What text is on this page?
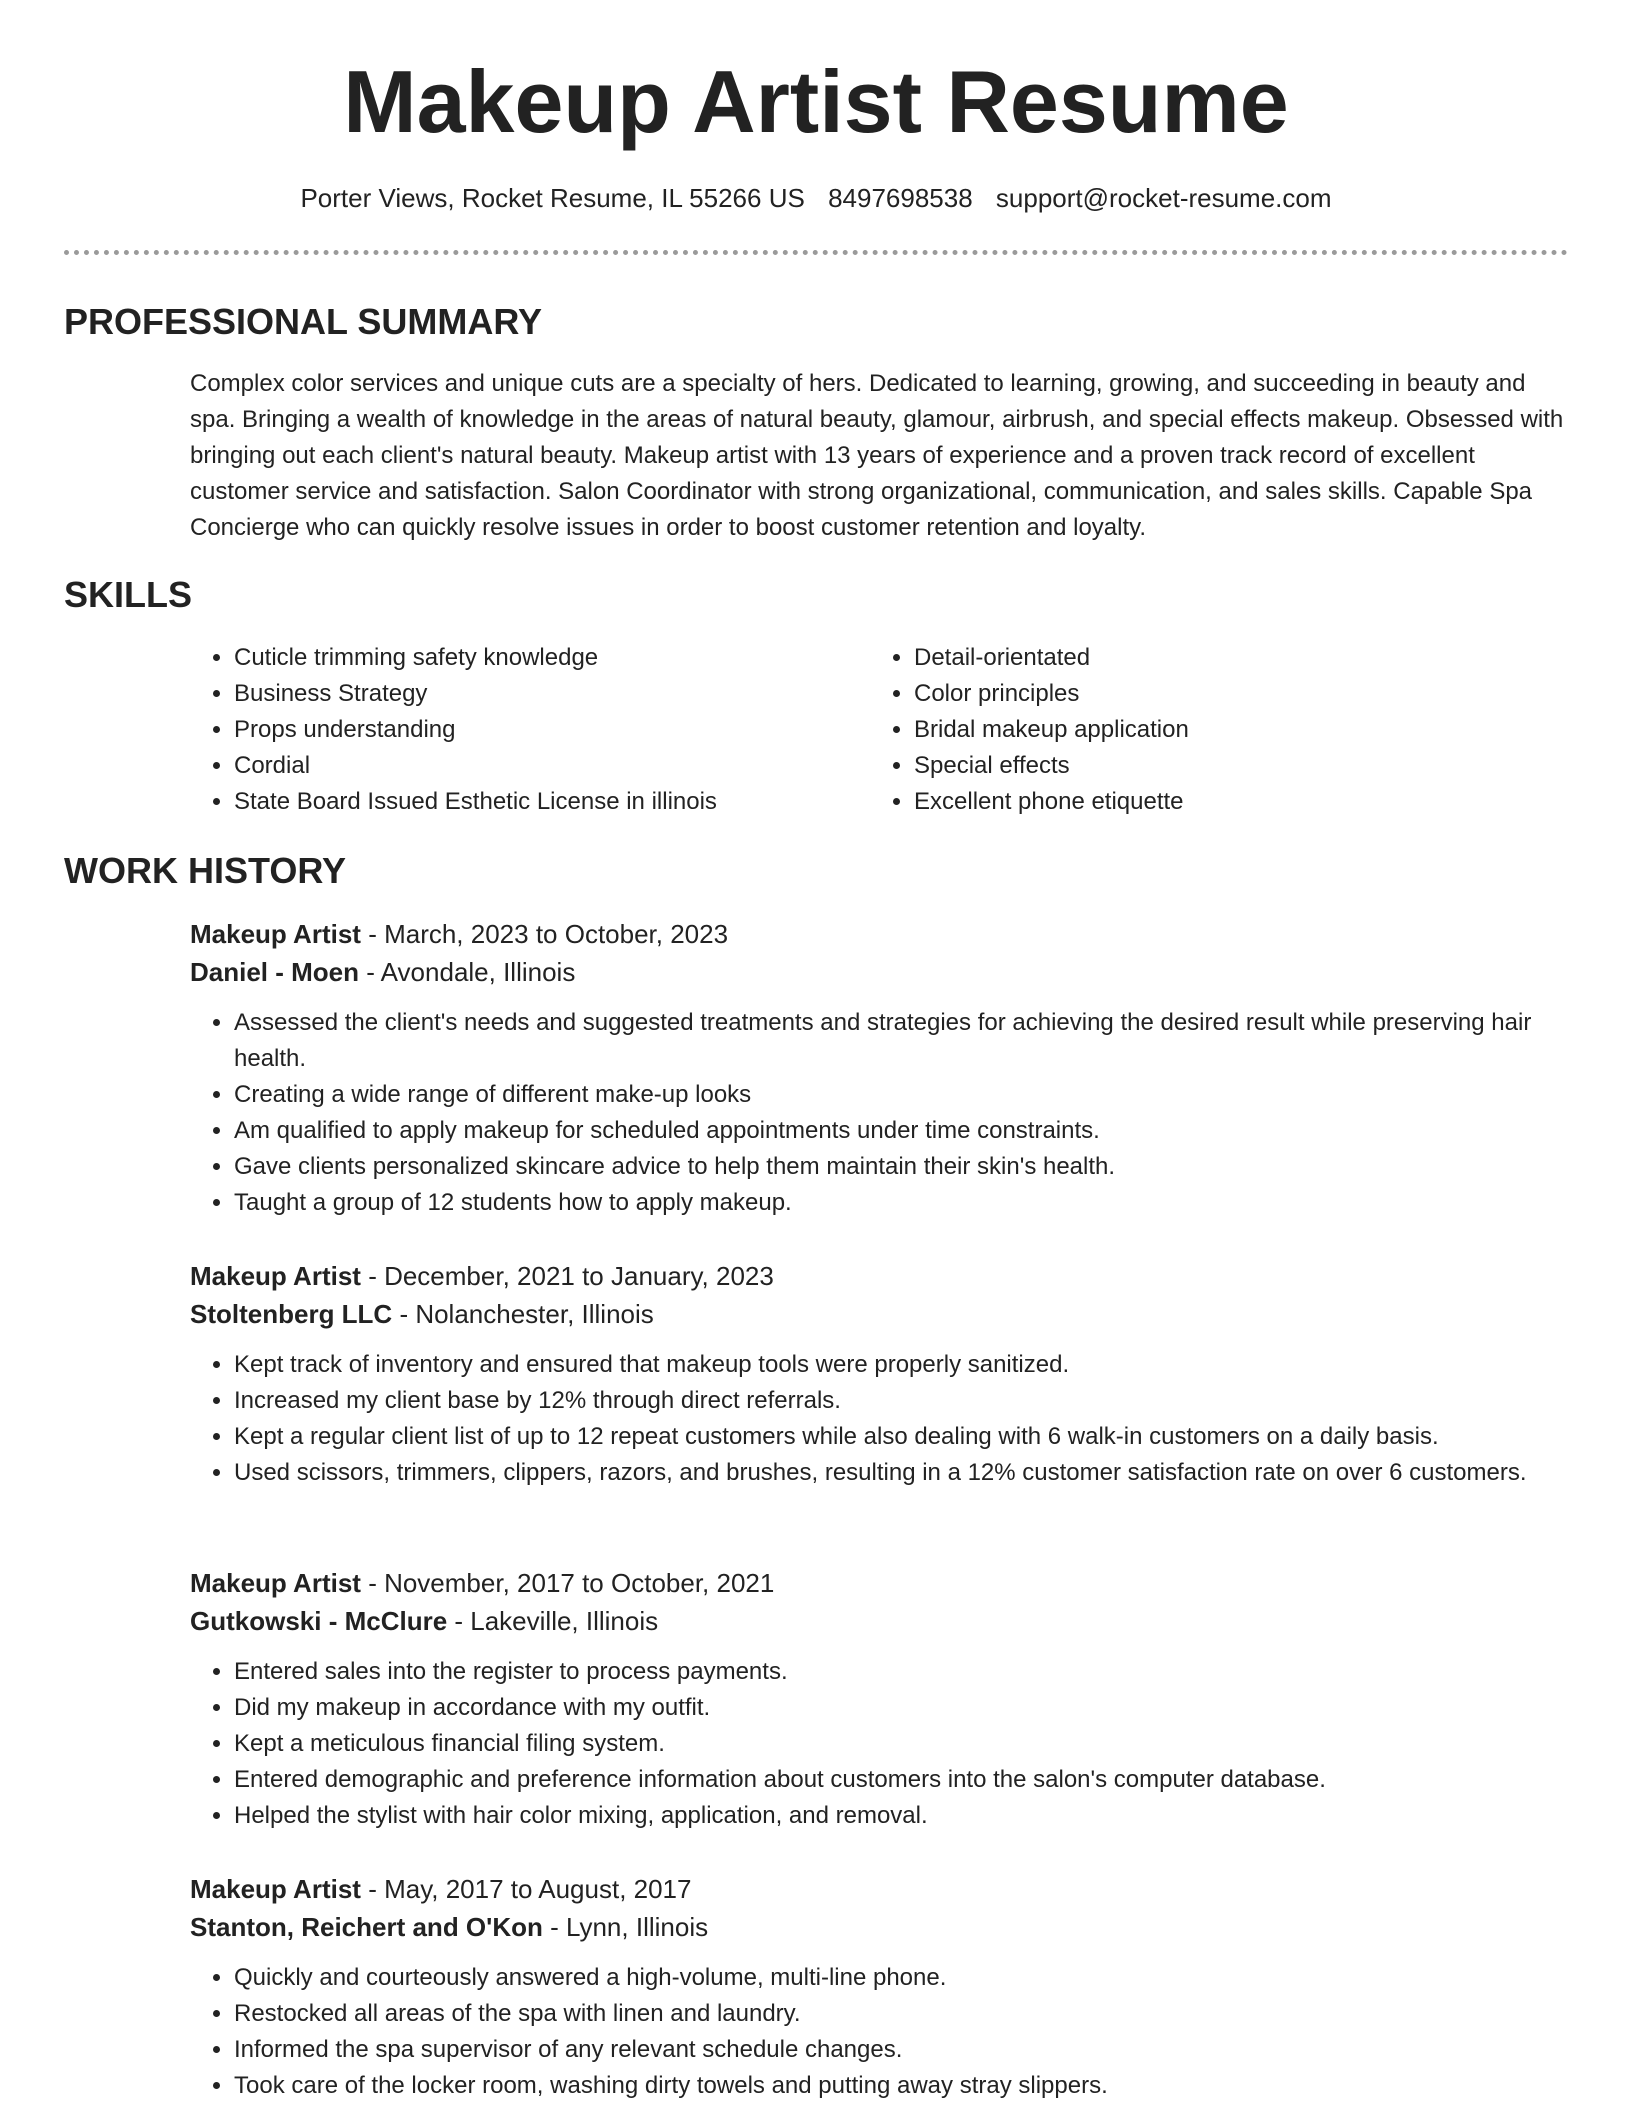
Makeup Artist Resume
Porter Views, Rocket Resume, IL 55266 US 8497698538 support@rocket-resume.com
PROFESSIONAL SUMMARY

Complex color services and unique cuts are a specialty of hers. Dedicated to learning, growing, and succeeding in beauty and spa. Bringing a wealth of knowledge in the areas of natural beauty, glamour, airbrush, and special effects makeup. Obsessed with bringing out each client's natural beauty. Makeup artist with 13 years of experience and a proven track record of excellent customer service and satisfaction. Salon Coordinator with strong organizational, communication, and sales skills. Capable Spa Concierge who can quickly resolve issues in order to boost customer retention and loyalty.

SKILLS
• Cuticle trimming safety knowledge
• Business Strategy
• Props understanding
• Cordial
• State Board Issued Esthetic License in illinois
• Detail-orientated
• Color principles
• Bridal makeup application
• Special effects
• Excellent phone etiquette
WORK HISTORY

Makeup Artist - March, 2023 to October, 2023

Daniel - Moen - Avondale, Illinois

• Assessed the client's needs and suggested treatments and strategies for achieving the desired result while preserving hair health.
• Creating a wide range of different make-up looks
• Am qualified to apply makeup for scheduled appointments under time constraints.
• Gave clients personalized skincare advice to help them maintain their skin's health.
• Taught a group of 12 students how to apply makeup.

Makeup Artist - December, 2021 to January, 2023

Stoltenberg LLC - Nolanchester, Illinois

• Kept track of inventory and ensured that makeup tools were properly sanitized.
• Increased my client base by 12% through direct referrals.
• Kept a regular client list of up to 12 repeat customers while also dealing with 6 walk-in customers on a daily basis.
• Used scissors, trimmers, clippers, razors, and brushes, resulting in a 12% customer satisfaction rate on over 6 customers.

Makeup Artist - November, 2017 to October, 2021

Gutkowski - McClure - Lakeville, Illinois

• Entered sales into the register to process payments.
• Did my makeup in accordance with my outfit.
• Kept a meticulous financial filing system.
• Entered demographic and preference information about customers into the salon's computer database.
• Helped the stylist with hair color mixing, application, and removal.

Makeup Artist - May, 2017 to August, 2017

Stanton, Reichert and O'Kon - Lynn, Illinois

• Quickly and courteously answered a high-volume, multi-line phone.
• Restocked all areas of the spa with linen and laundry.
• Informed the spa supervisor of any relevant schedule changes.
• Took care of the locker room, washing dirty towels and putting away stray slippers.
